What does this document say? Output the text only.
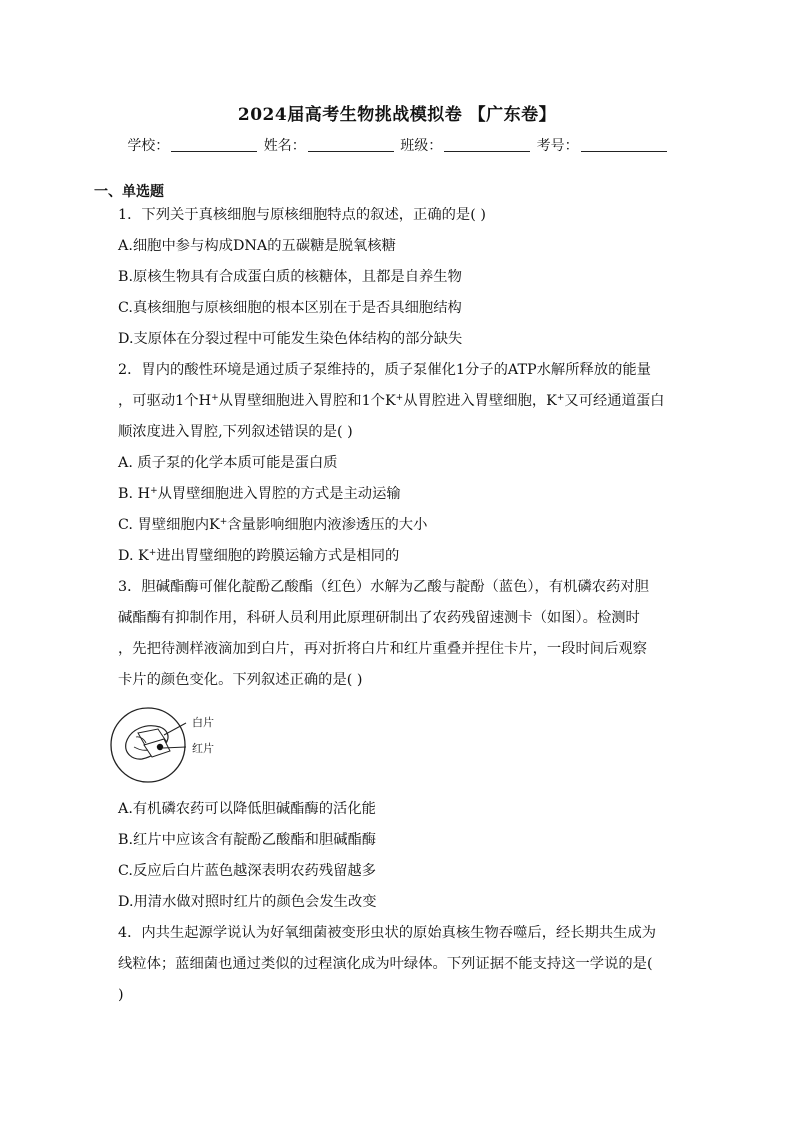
2024届高考生物挑战模拟卷 【广东卷】
学校：	姓名：	班级：	考号：
一、单选题
1．下列关于真核细胞与原核细胞特点的叙述，正确的是( )
A.细胞中参与构成DNA的五碳糖是脱氧核糖
B.原核生物具有合成蛋白质的核糖体，且都是自养生物
C.真核细胞与原核细胞的根本区别在于是否具细胞结构
D.支原体在分裂过程中可能发生染色体结构的部分缺失
2．胃内的酸性环境是通过质子泵维持的，质子泵催化1分子的ATP水解所释放的能量
，可驱动1个H+从胃壁细胞进入胃腔和1个K+从胃腔进入胃壁细胞，K+又可经通道蛋白
顺浓度进入胃腔,下列叙述错误的是( )
A. 质子泵的化学本质可能是蛋白质
B. H+从胃壁细胞进入胃腔的方式是主动运输
C. 胃壁细胞内K+含量影响细胞内液渗透压的大小
D. K+进出胃璧细胞的跨膜运输方式是相同的
3．胆碱酯酶可催化靛酚乙酸酯（红色）水解为乙酸与靛酚（蓝色），有机磷农药对胆
碱酯酶有抑制作用，科研人员利用此原理研制出了农药残留速测卡（如图）。检测时
，先把待测样液滴加到白片，再对折将白片和红片重叠并捏住卡片，一段时间后观察
卡片的颜色变化。下列叙述正确的是( )
白片
红片
A.有机磷农药可以降低胆碱酯酶的活化能
B.红片中应该含有靛酚乙酸酯和胆碱酯酶
C.反应后白片蓝色越深表明农药残留越多
D.用清水做对照时红片的颜色会发生改变
4．内共生起源学说认为好氧细菌被变形虫状的原始真核生物吞噬后，经长期共生成为
线粒体；蓝细菌也通过类似的过程演化成为叶绿体。下列证据不能支持这一学说的是(
)
